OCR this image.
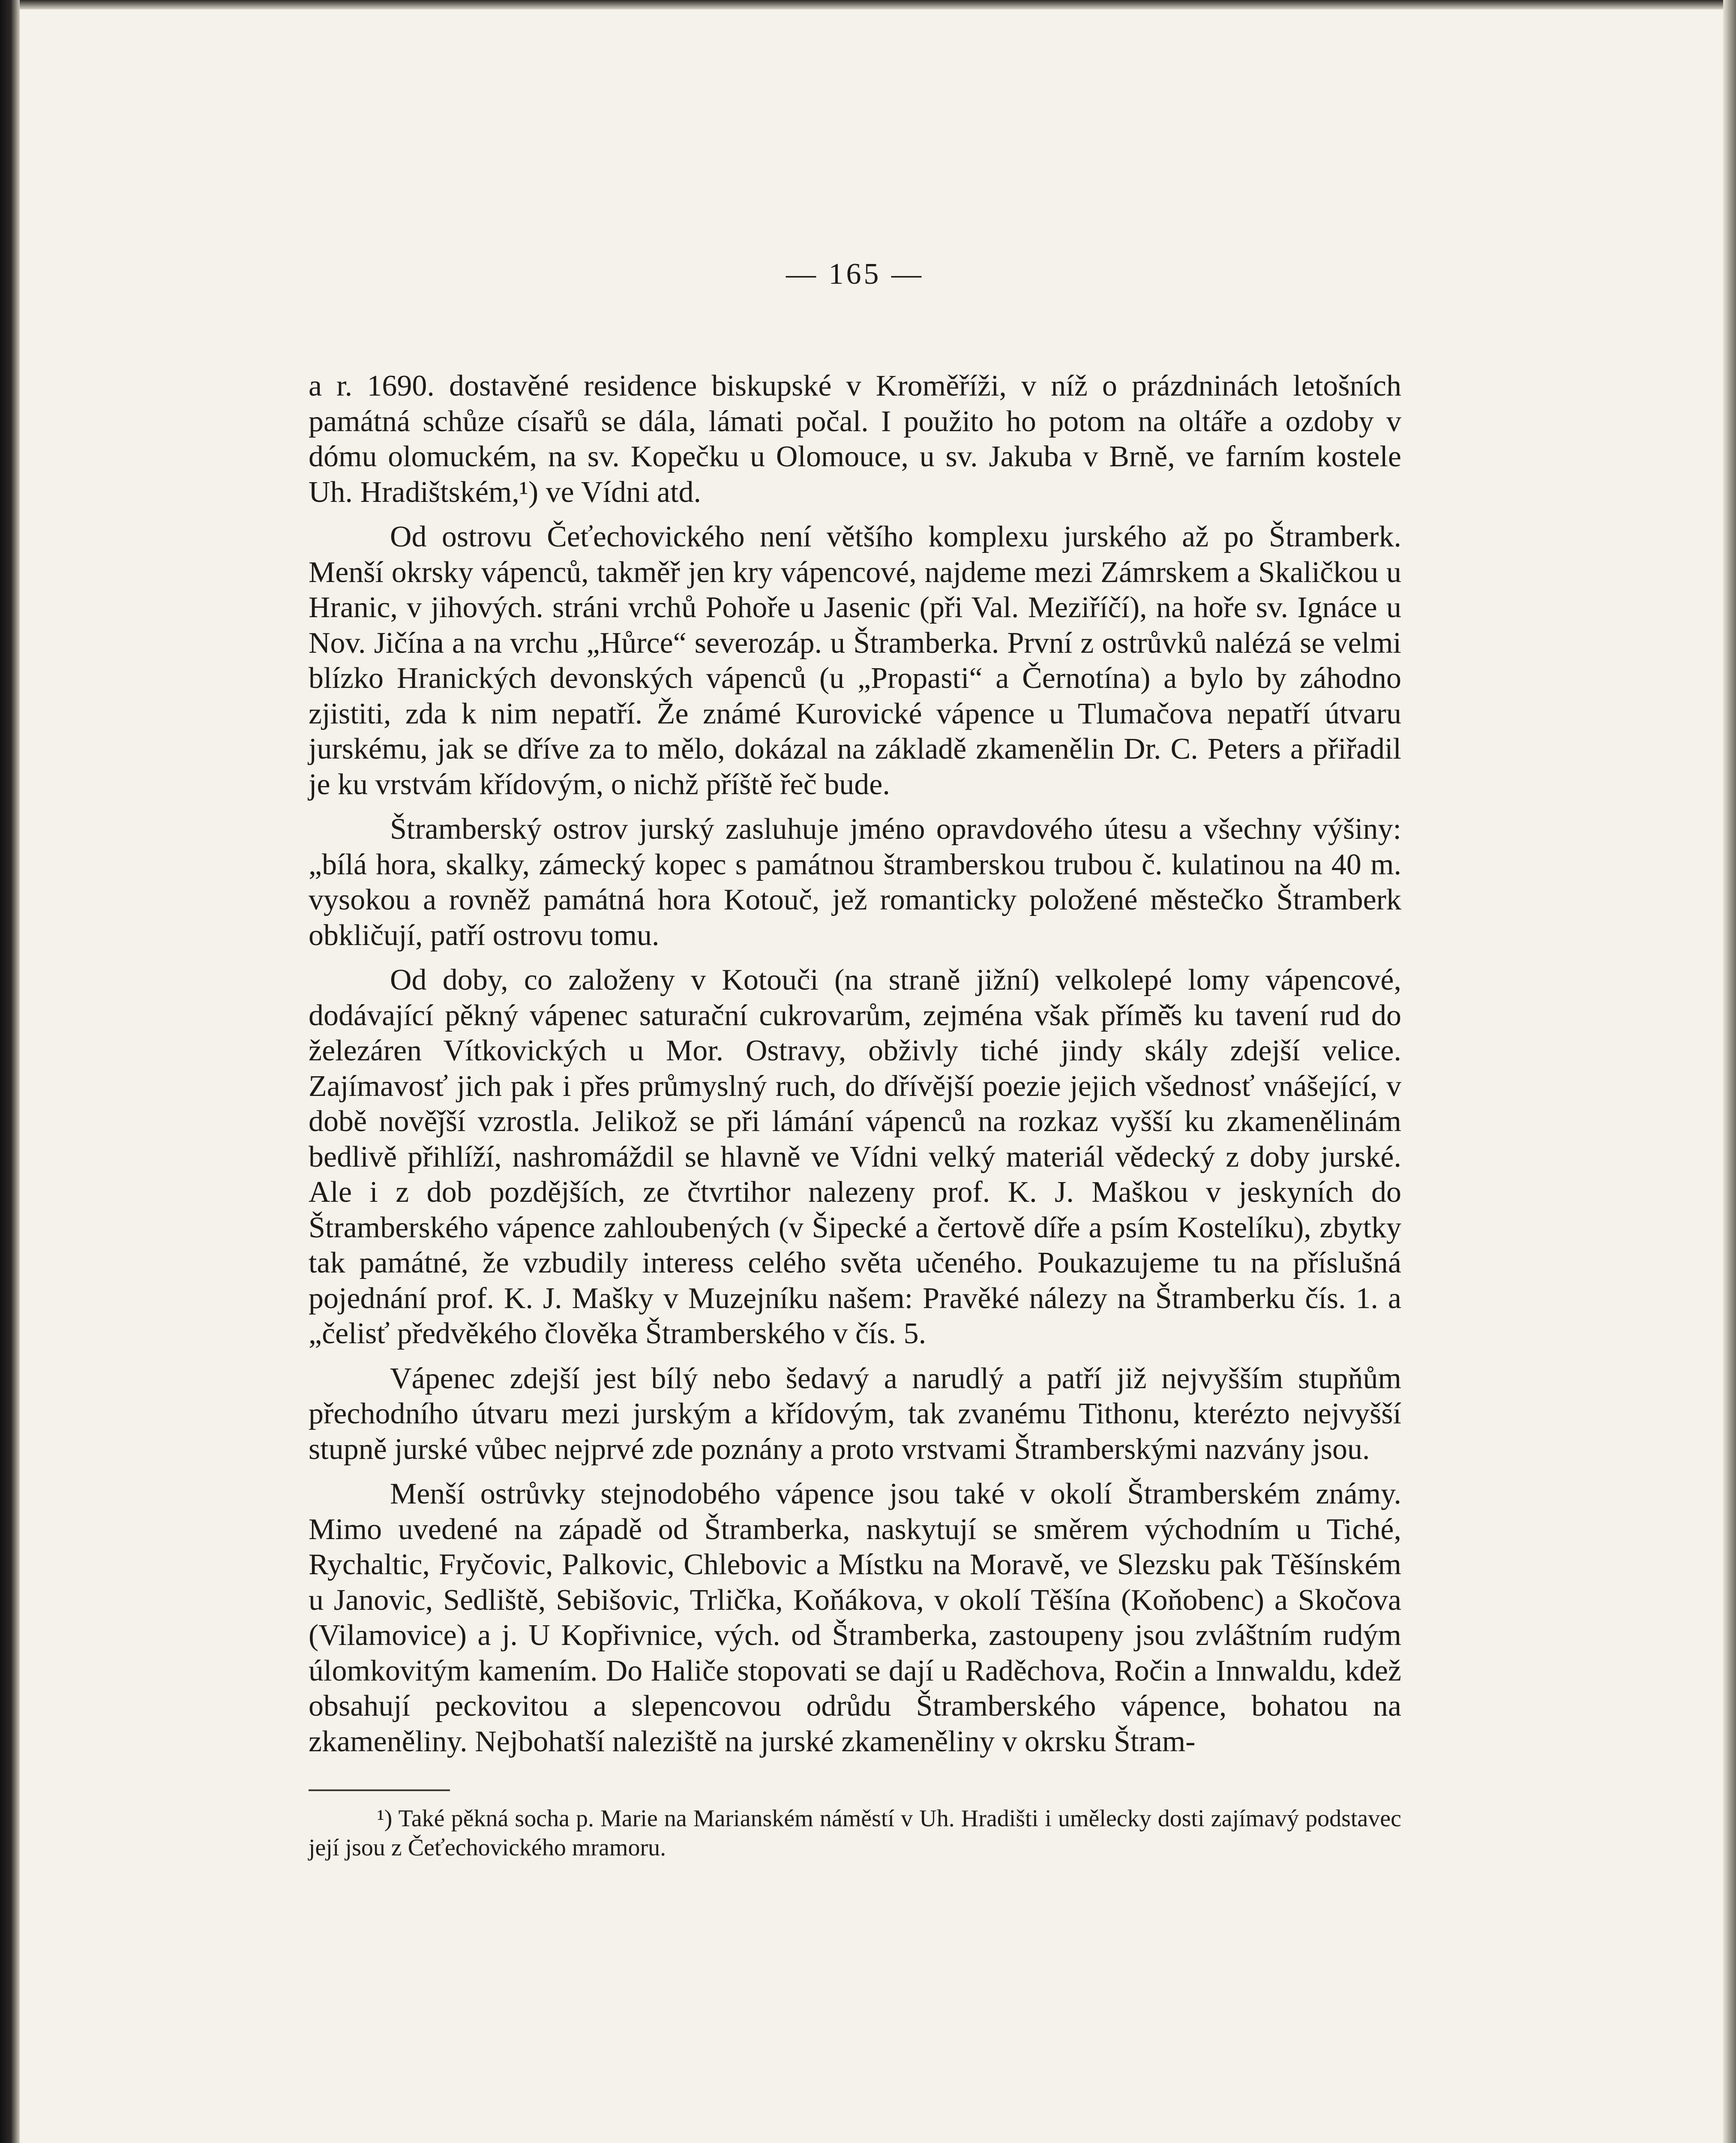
— 165 —

a r. 1690. dostavěné residence biskupské v Kroměříži, v níž o prázdninách letošních památná schůze císařů se dála, lámati počal. I použito ho potom na oltáře a ozdoby v dómu olomuckém, na sv. Kopečku u Olomouce, u sv. Jakuba v Brně, ve farním kostele Uh. Hradištském,¹) ve Vídni atd.

Od ostrovu Čeťechovického není většího komplexu jurského až po Štramberk. Menší okrsky vápenců, takměř jen kry vápencové, najdeme mezi Zámrskem a Skaličkou u Hranic, v jihových. stráni vrchů Pohoře u Jasenic (při Val. Meziříčí), na hoře sv. Ignáce u Nov. Jičína a na vrchu „Hůrce“ severozáp. u Štramberka. První z ostrůvků nalézá se velmi blízko Hranických devonských vápenců (u „Propasti“ a Černotína) a bylo by záhodno zjistiti, zda k nim nepatří. Že známé Kurovické vápence u Tlumačova nepatří útvaru jurskému, jak se dříve za to mělo, dokázal na základě zkamenělin Dr. C. Peters a přiřadil je ku vrstvám křídovým, o nichž příště řeč bude.

Štramberský ostrov jurský zasluhuje jméno opravdového útesu a všechny výšiny: „bílá hora, skalky, zámecký kopec s památnou štramberskou trubou č. kulatinou na 40 m. vysokou a rovněž památná hora Kotouč, jež romanticky položené městečko Štramberk obkličují, patří ostrovu tomu.

Od doby, co založeny v Kotouči (na straně jižní) velkolepé lomy vápencové, dodávající pěkný vápenec saturační cukrovarům, zejména však přímě̌s ku tavení rud do železáren Vítkovických u Mor. Ostravy, obživly tiché jindy skály zdejší velice. Zajímavosť jich pak i přes průmyslný ruch, do dřívější poezie jejich všednosť vnášející, v době nověǰší vzrostla. Jelikož se při lámání vápenců na rozkaz vyšší ku zkamenělinám bedlivě přihlíží, nashromáždil se hlavně ve Vídni velký materiál vědecký z doby jurské. Ale i z dob pozdějších, ze čtvrtihor nalezeny prof. K. J. Maškou v jeskyních do Štramberského vápence zahloubených (v Šipecké a čertově díře a psím Kostelíku), zbytky tak památné, že vzbudily interess celého světa učeného. Poukazujeme tu na příslušná pojednání prof. K. J. Mašky v Muzejníku našem: Pravěké nálezy na Štramberku čís. 1. a „čelisť předvěkého člověka Štramberského v čís. 5.

Vápenec zdejší jest bílý nebo šedavý a narudlý a patří již nejvyšším stupňům přechodního útvaru mezi jurským a křídovým, tak zvanému Tithonu, kterézto nejvyšší stupně jurské vůbec nejprvé zde poznány a proto vrstvami Štramberskými nazvány jsou.

Menší ostrůvky stejnodobého vápence jsou také v okolí Štramberském známy. Mimo uvedené na západě od Štramberka, naskytují se směrem východním u Tiché, Rychaltic, Fryčovic, Palkovic, Chlebovic a Místku na Moravě, ve Slezsku pak Těšínském u Janovic, Sedliště, Sebišovic, Trlička, Koňákova, v okolí Těšína (Koňobenc) a Skočova (Vilamovice) a j. U Kopřivnice, vých. od Štramberka, zastoupeny jsou zvláštním rudým úlomkovitým kamením. Do Haliče stopovati se dají u Raděchova, Ročin a Innwaldu, kdež obsahují peckovitou a slepencovou odrůdu Štramberského vápence, bohatou na zkameněliny. Nejbohatší naleziště na jurské zkameněliny v okrsku Štram-

¹) Také pěkná socha p. Marie na Marianském náměstí v Uh. Hradišti i umělecky dosti zajímavý podstavec její jsou z Čeťechovického mramoru.
